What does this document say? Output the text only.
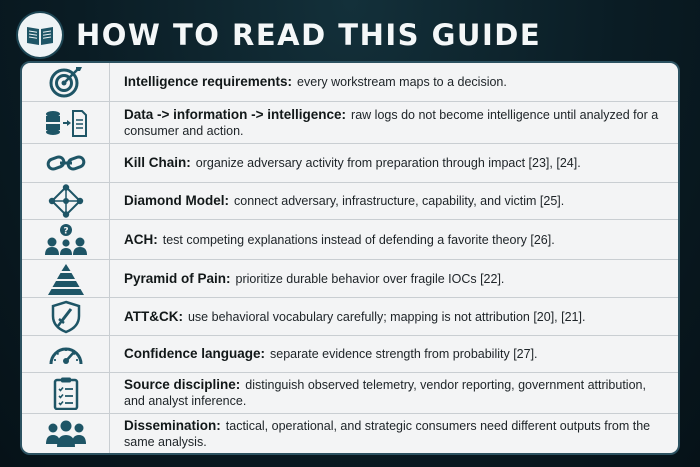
HOW TO READ THIS GUIDE
Intelligence requirements: every workstream maps to a decision.
Data -> information -> intelligence: raw logs do not become intelligence until analyzed for a consumer and action.
Kill Chain: organize adversary activity from preparation through impact [23], [24].
Diamond Model: connect adversary, infrastructure, capability, and victim [25].
?
ACH: test competing explanations instead of defending a favorite theory [26].
Pyramid of Pain: prioritize durable behavior over fragile IOCs [22].
ATT&CK: use behavioral vocabulary carefully; mapping is not attribution [20], [21].
Confidence language: separate evidence strength from probability [27].
Source discipline: distinguish observed telemetry, vendor reporting, government attribution, and analyst inference.
Dissemination: tactical, operational, and strategic consumers need different outputs from the same analysis.
